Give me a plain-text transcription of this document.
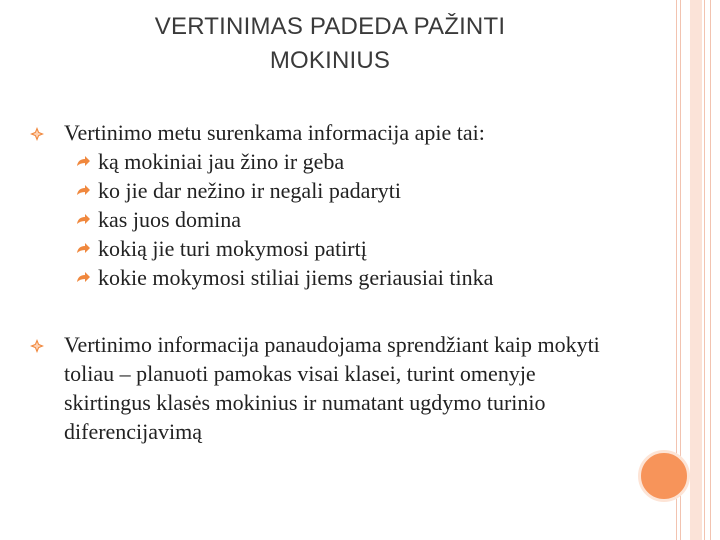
VERTINIMAS PADEDA PAŽINTI
MOKINIUS
Vertinimo metu surenkama informacija apie tai:
ką mokiniai jau žino ir geba
ko jie dar nežino ir negali padaryti
kas juos domina
kokią jie turi mokymosi patirtį
kokie mokymosi stiliai jiems geriausiai tinka
Vertinimo informacija panaudojama sprendžiant kaip mokyti toliau – planuoti pamokas visai klasei, turint omenyje skirtingus klasės mokinius ir numatant ugdymo turinio diferencijavimą
